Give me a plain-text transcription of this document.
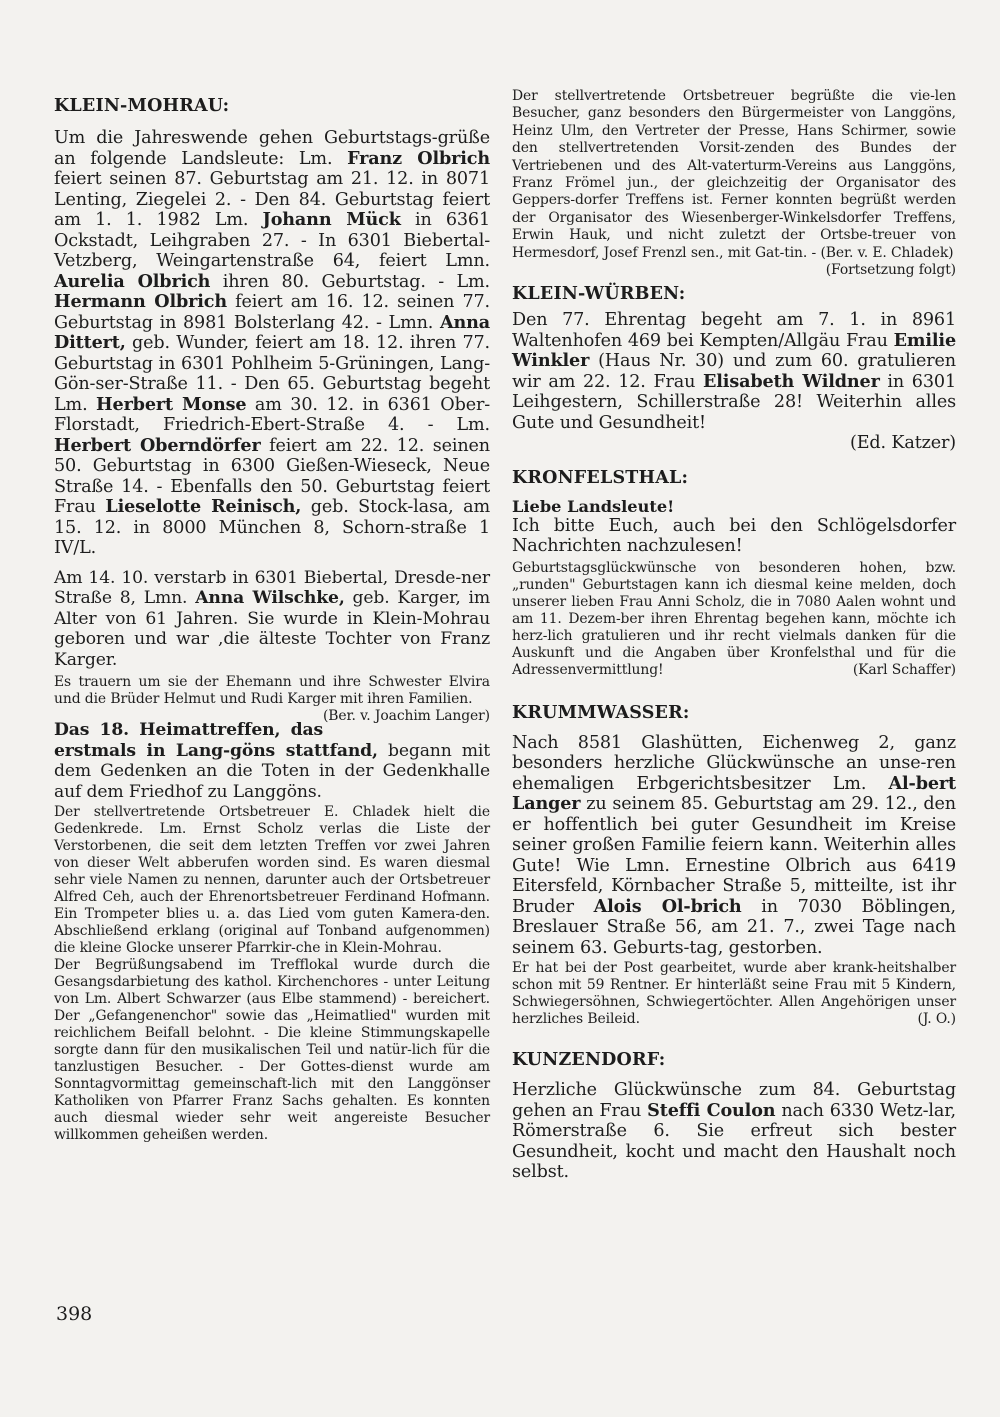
KLEIN-MOHRAU:

Um die Jahreswende gehen Geburtstags-grüße an folgende Landsleute: Lm. Franz Olbrich feiert seinen 87. Geburtstag am 21. 12. in 8071 Lenting, Ziegelei 2. - Den 84. Geburtstag feiert am 1. 1. 1982 Lm. Johann Mück in 6361 Ockstadt, Leihgraben 27. - In 6301 Biebertal-Vetzberg, Weingartenstraße 64, feiert Lmn. Aurelia Olbrich ihren 80. Geburtstag. - Lm. Hermann Olbrich feiert am 16. 12. seinen 77. Geburtstag in 8981 Bolsterlang 42. - Lmn. Anna Dittert, geb. Wunder, feiert am 18. 12. ihren 77. Geburtstag in 6301 Pohlheim 5-Grüningen, Lang-Gön-ser-Straße 11. - Den 65. Geburtstag begeht Lm. Herbert Monse am 30. 12. in 6361 Ober-Florstadt, Friedrich-Ebert-Straße 4. - Lm. Herbert Oberndörfer feiert am 22. 12. seinen 50. Geburtstag in 6300 Gießen-Wieseck, Neue Straße 14. - Ebenfalls den 50. Geburtstag feiert Frau Lieselotte Reinisch, geb. Stock-lasa, am 15. 12. in 8000 München 8, Schorn-straße 1 IV/L.

Am 14. 10. verstarb in 6301 Biebertal, Dresde-ner Straße 8, Lmn. Anna Wilschke, geb. Karger, im Alter von 61 Jahren. Sie wurde in Klein-Mohrau geboren und war ,die älteste Tochter von Franz Karger.

Es trauern um sie der Ehemann und ihre Schwester Elvira und die Brüder Helmut und Rudi Karger mit ihren Familien.
(Ber. v. Joachim Langer)

Das 18. Heimattreffen, das erstmals in Lang-göns stattfand, begann mit dem Gedenken an die Toten in der Gedenkhalle auf dem Friedhof zu Langgöns.

Der stellvertretende Ortsbetreuer E. Chladek hielt die Gedenkrede. Lm. Ernst Scholz verlas die Liste der Verstorbenen, die seit dem letzten Treffen vor zwei Jahren von dieser Welt abberufen worden sind. Es waren diesmal sehr viele Namen zu nennen, darunter auch der Ortsbetreuer Alfred Ceh, auch der Ehrenortsbetreuer Ferdinand Hofmann. Ein Trompeter blies u. a. das Lied vom guten Kamera-den. Abschließend erklang (original auf Tonband aufgenommen) die kleine Glocke unserer Pfarrkir-che in Klein-Mohrau.

Der Begrüßungsabend im Trefflokal wurde durch die Gesangsdarbietung des kathol. Kirchenchores - unter Leitung von Lm. Albert Schwarzer (aus Elbe stammend) - bereichert. Der „Gefangenenchor" sowie das „Heimatlied" wurden mit reichlichem Beifall belohnt. - Die kleine Stimmungskapelle sorgte dann für den musikalischen Teil und natür-lich für die tanzlustigen Besucher. - Der Gottes-dienst wurde am Sonntagvormittag gemeinschaft-lich mit den Langgönser Katholiken von Pfarrer Franz Sachs gehalten. Es konnten auch diesmal wieder sehr weit angereiste Besucher willkommen geheißen werden.

Der stellvertretende Ortsbetreuer begrüßte die vie-len Besucher, ganz besonders den Bürgermeister von Langgöns, Heinz Ulm, den Vertreter der Presse, Hans Schirmer, sowie den stellvertretenden Vorsit-zenden des Bundes der Vertriebenen und des Alt-vaterturm-Vereins aus Langgöns, Franz Frömel jun., der gleichzeitig der Organisator des Geppers-dorfer Treffens ist. Ferner konnten begrüßt werden der Organisator des Wiesenberger-Winkelsdorfer Treffens, Erwin Hauk, und nicht zuletzt der Ortsbe-treuer von Hermesdorf, Josef Frenzl sen., mit Gat-tin. - (Ber. v. E. Chladek)
(Fortsetzung folgt)

KLEIN-WÜRBEN:

Den 77. Ehrentag begeht am 7. 1. in 8961 Waltenhofen 469 bei Kempten/Allgäu Frau Emilie Winkler (Haus Nr. 30) und zum 60. gratulieren wir am 22. 12. Frau Elisabeth Wildner in 6301 Leihgestern, Schillerstraße 28! Weiterhin alles Gute und Gesundheit!

(Ed. Katzer)

KRONFELSTHAL:
Liebe Landsleute!

Ich bitte Euch, auch bei den Schlögelsdorfer Nachrichten nachzulesen!

Geburtstagsglückwünsche von besonderen hohen, bzw. „runden" Geburtstagen kann ich diesmal keine melden, doch unserer lieben Frau Anni Scholz, die in 7080 Aalen wohnt und am 11. Dezem-ber ihren Ehrentag begehen kann, möchte ich herz-lich gratulieren und ihr recht vielmals danken für die Auskunft und die Angaben über Kronfelsthal und für die Adressenvermittlung!	(Karl Schaffer)

KRUMMWASSER:

Nach 8581 Glashütten, Eichenweg 2, ganz besonders herzliche Glückwünsche an unse-ren ehemaligen Erbgerichtsbesitzer Lm. Al-bert Langer zu seinem 85. Geburtstag am 29. 12., den er hoffentlich bei guter Gesundheit im Kreise seiner großen Familie feiern kann. Weiterhin alles Gute! Wie Lmn. Ernestine Olbrich aus 6419 Eitersfeld, Körnbacher Straße 5, mitteilte, ist ihr Bruder Alois Ol-brich in 7030 Böblingen, Breslauer Straße 56, am 21. 7., zwei Tage nach seinem 63. Geburts-tag, gestorben.

Er hat bei der Post gearbeitet, wurde aber krank-heitshalber schon mit 59 Rentner. Er hinterläßt seine Frau mit 5 Kindern, Schwiegersöhnen, Schwiegertöchter. Allen Angehörigen unser herzliches Beileid.	(J. O.)

KUNZENDORF:

Herzliche Glückwünsche zum 84. Geburtstag gehen an Frau Steffi Coulon nach 6330 Wetz-lar, Römerstraße 6. Sie erfreut sich bester Gesundheit, kocht und macht den Haushalt noch selbst.

398
